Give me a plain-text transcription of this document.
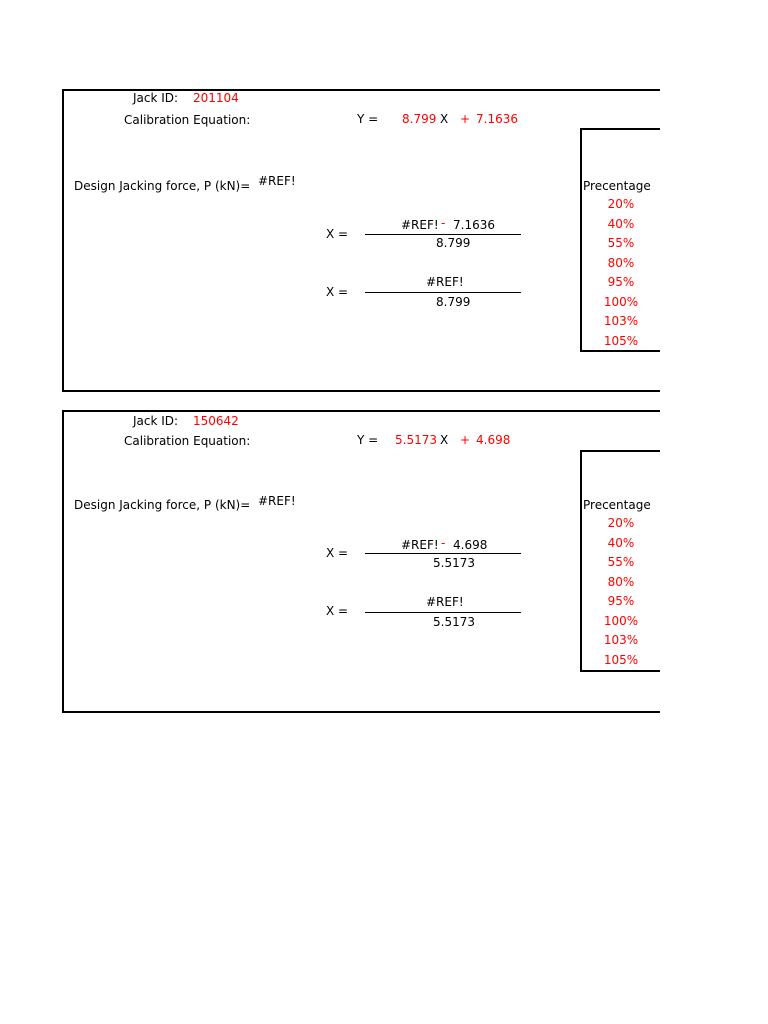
Jack ID: 201104
Calibration Equation:	Y = 8.799 X + 7.1636
Design Jacking force, P (kN)= #REF!
X =
#REF! - 7.1636
8.799
X =
#REF!
8.799
Precentage
20%
40%
55%
80%
95%
100%
103%
105%
Jack ID: 150642
Calibration Equation:	Y = 5.5173 X + 4.698
Design Jacking force, P (kN)= #REF!
X =
#REF! - 4.698
5.5173
X =
#REF!
5.5173
Precentage
20%
40%
55%
80%
95%
100%
103%
105%
